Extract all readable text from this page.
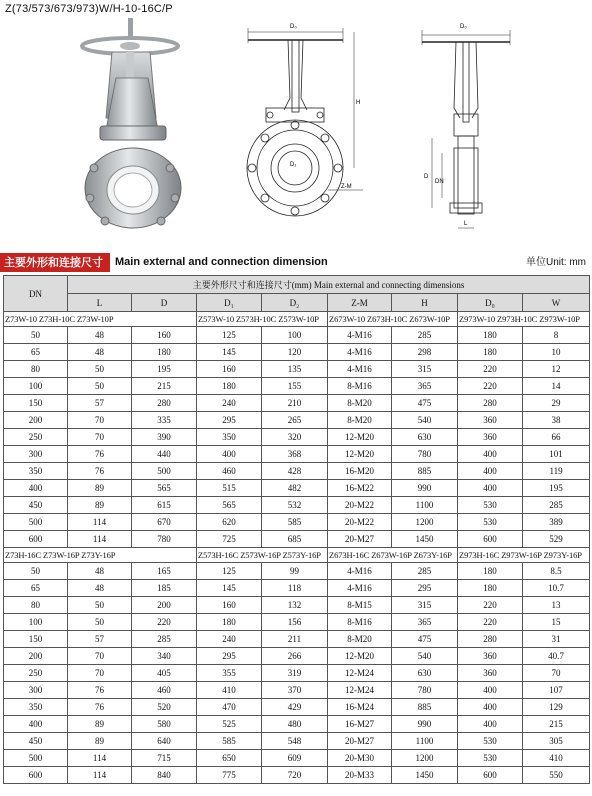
Z(73/573/673/973)W/H-10-16C/P
D₀
H
D₁
Z-M
D₀
D
DN
L
主要外形和连接尺寸	Main external and connection dimension	单位Unit: mm
DN	主要外形尺寸和连接尺寸(mm) Main external and connecting dimensions							
	L	D	D₁	D₂	Z-M	H	D₀	W
Z73W-10 Z73H-10C Z73W-10P			Z573W-10 Z573H-10C Z573W-10P		Z673W-10 Z673H-10C Z673W-10P		Z973W-10 Z973H-10C Z973W-10P	
50	48	160	125	100	4-M16	285	180	8
65	48	180	145	120	4-M16	298	180	10
80	50	195	160	135	4-M16	315	220	12
100	50	215	180	155	8-M16	365	220	14
150	57	280	240	210	8-M20	475	280	29
200	70	335	295	265	8-M20	540	360	38
250	70	390	350	320	12-M20	630	360	66
300	76	440	400	368	12-M20	780	400	101
350	76	500	460	428	16-M20	885	400	119
400	89	565	515	482	16-M22	990	400	195
450	89	615	565	532	20-M22	1100	530	285
500	114	670	620	585	20-M22	1200	530	389
600	114	780	725	685	20-M27	1450	600	529
Z73H-16C Z73W-16P Z73Y-16P			Z573H-16C Z573W-16P Z573Y-16P		Z673H-16C Z673W-16P Z673Y-16P		Z973H-16C Z973W-16P Z973Y-16P	
50	48	165	125	99	4-M16	285	180	8.5
65	48	185	145	118	4-M16	295	180	10.7
80	50	200	160	132	8-M15	315	220	13
100	50	220	180	156	8-M16	365	220	15
150	57	285	240	211	8-M20	475	280	31
200	70	340	295	266	12-M20	540	360	40.7
250	70	405	355	319	12-M24	630	360	70
300	76	460	410	370	12-M24	780	400	107
350	76	520	470	429	16-M24	885	400	129
400	89	580	525	480	16-M27	990	400	215
450	89	640	585	548	20-M27	1100	530	305
500	114	715	650	609	20-M30	1200	530	410
600	114	840	775	720	20-M33	1450	600	550
